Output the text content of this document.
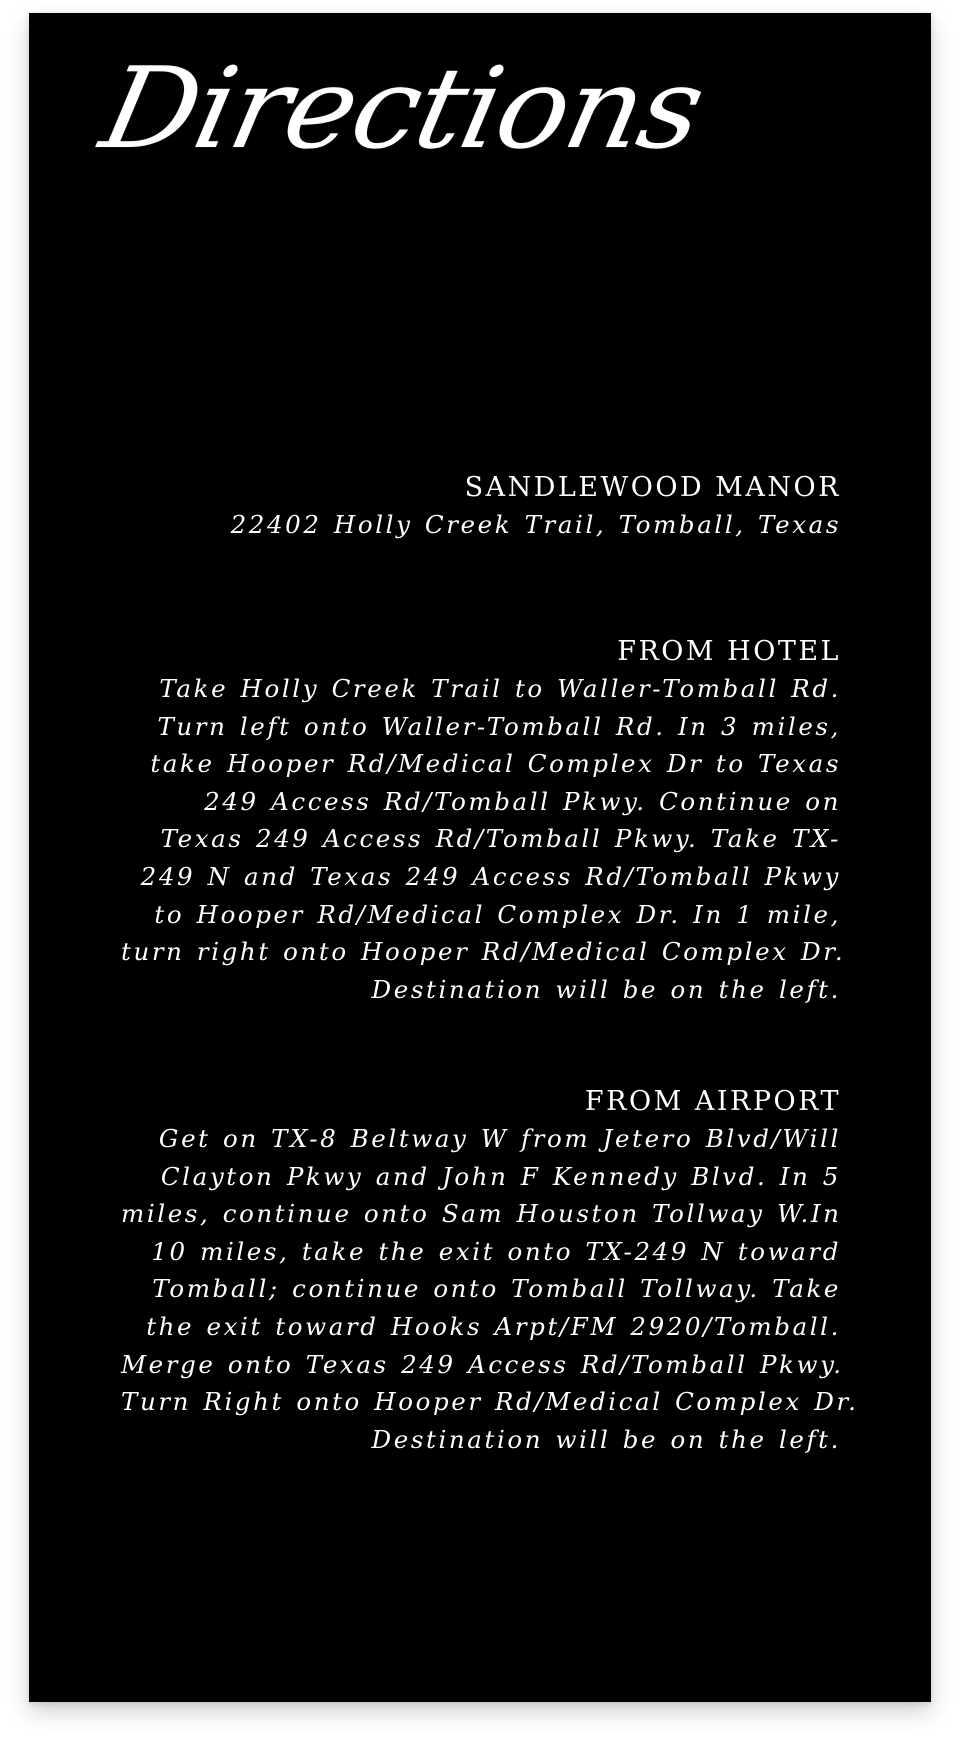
Directions

SANDLEWOOD MANOR

22402 Holly Creek Trail, Tomball, Texas

FROM HOTEL

Take Holly Creek Trail to Waller-Tomball Rd.
Turn left onto Waller-Tomball Rd. In 3 miles,
take Hooper Rd/Medical Complex Dr to Texas
249 Access Rd/Tomball Pkwy. Continue on
Texas 249 Access Rd/Tomball Pkwy. Take TX-
249 N and Texas 249 Access Rd/Tomball Pkwy
to Hooper Rd/Medical Complex Dr. In 1 mile,
turn right onto Hooper Rd/Medical Complex Dr.
Destination will be on the left.

FROM AIRPORT

Get on TX-8 Beltway W from Jetero Blvd/Will
Clayton Pkwy and John F Kennedy Blvd. In 5
miles, continue onto Sam Houston Tollway W.In
10 miles, take the exit onto TX-249 N toward
Tomball; continue onto Tomball Tollway. Take
the exit toward Hooks Arpt/FM 2920/Tomball.
Merge onto Texas 249 Access Rd/Tomball Pkwy.
Turn Right onto Hooper Rd/Medical Complex Dr.
Destination will be on the left.
